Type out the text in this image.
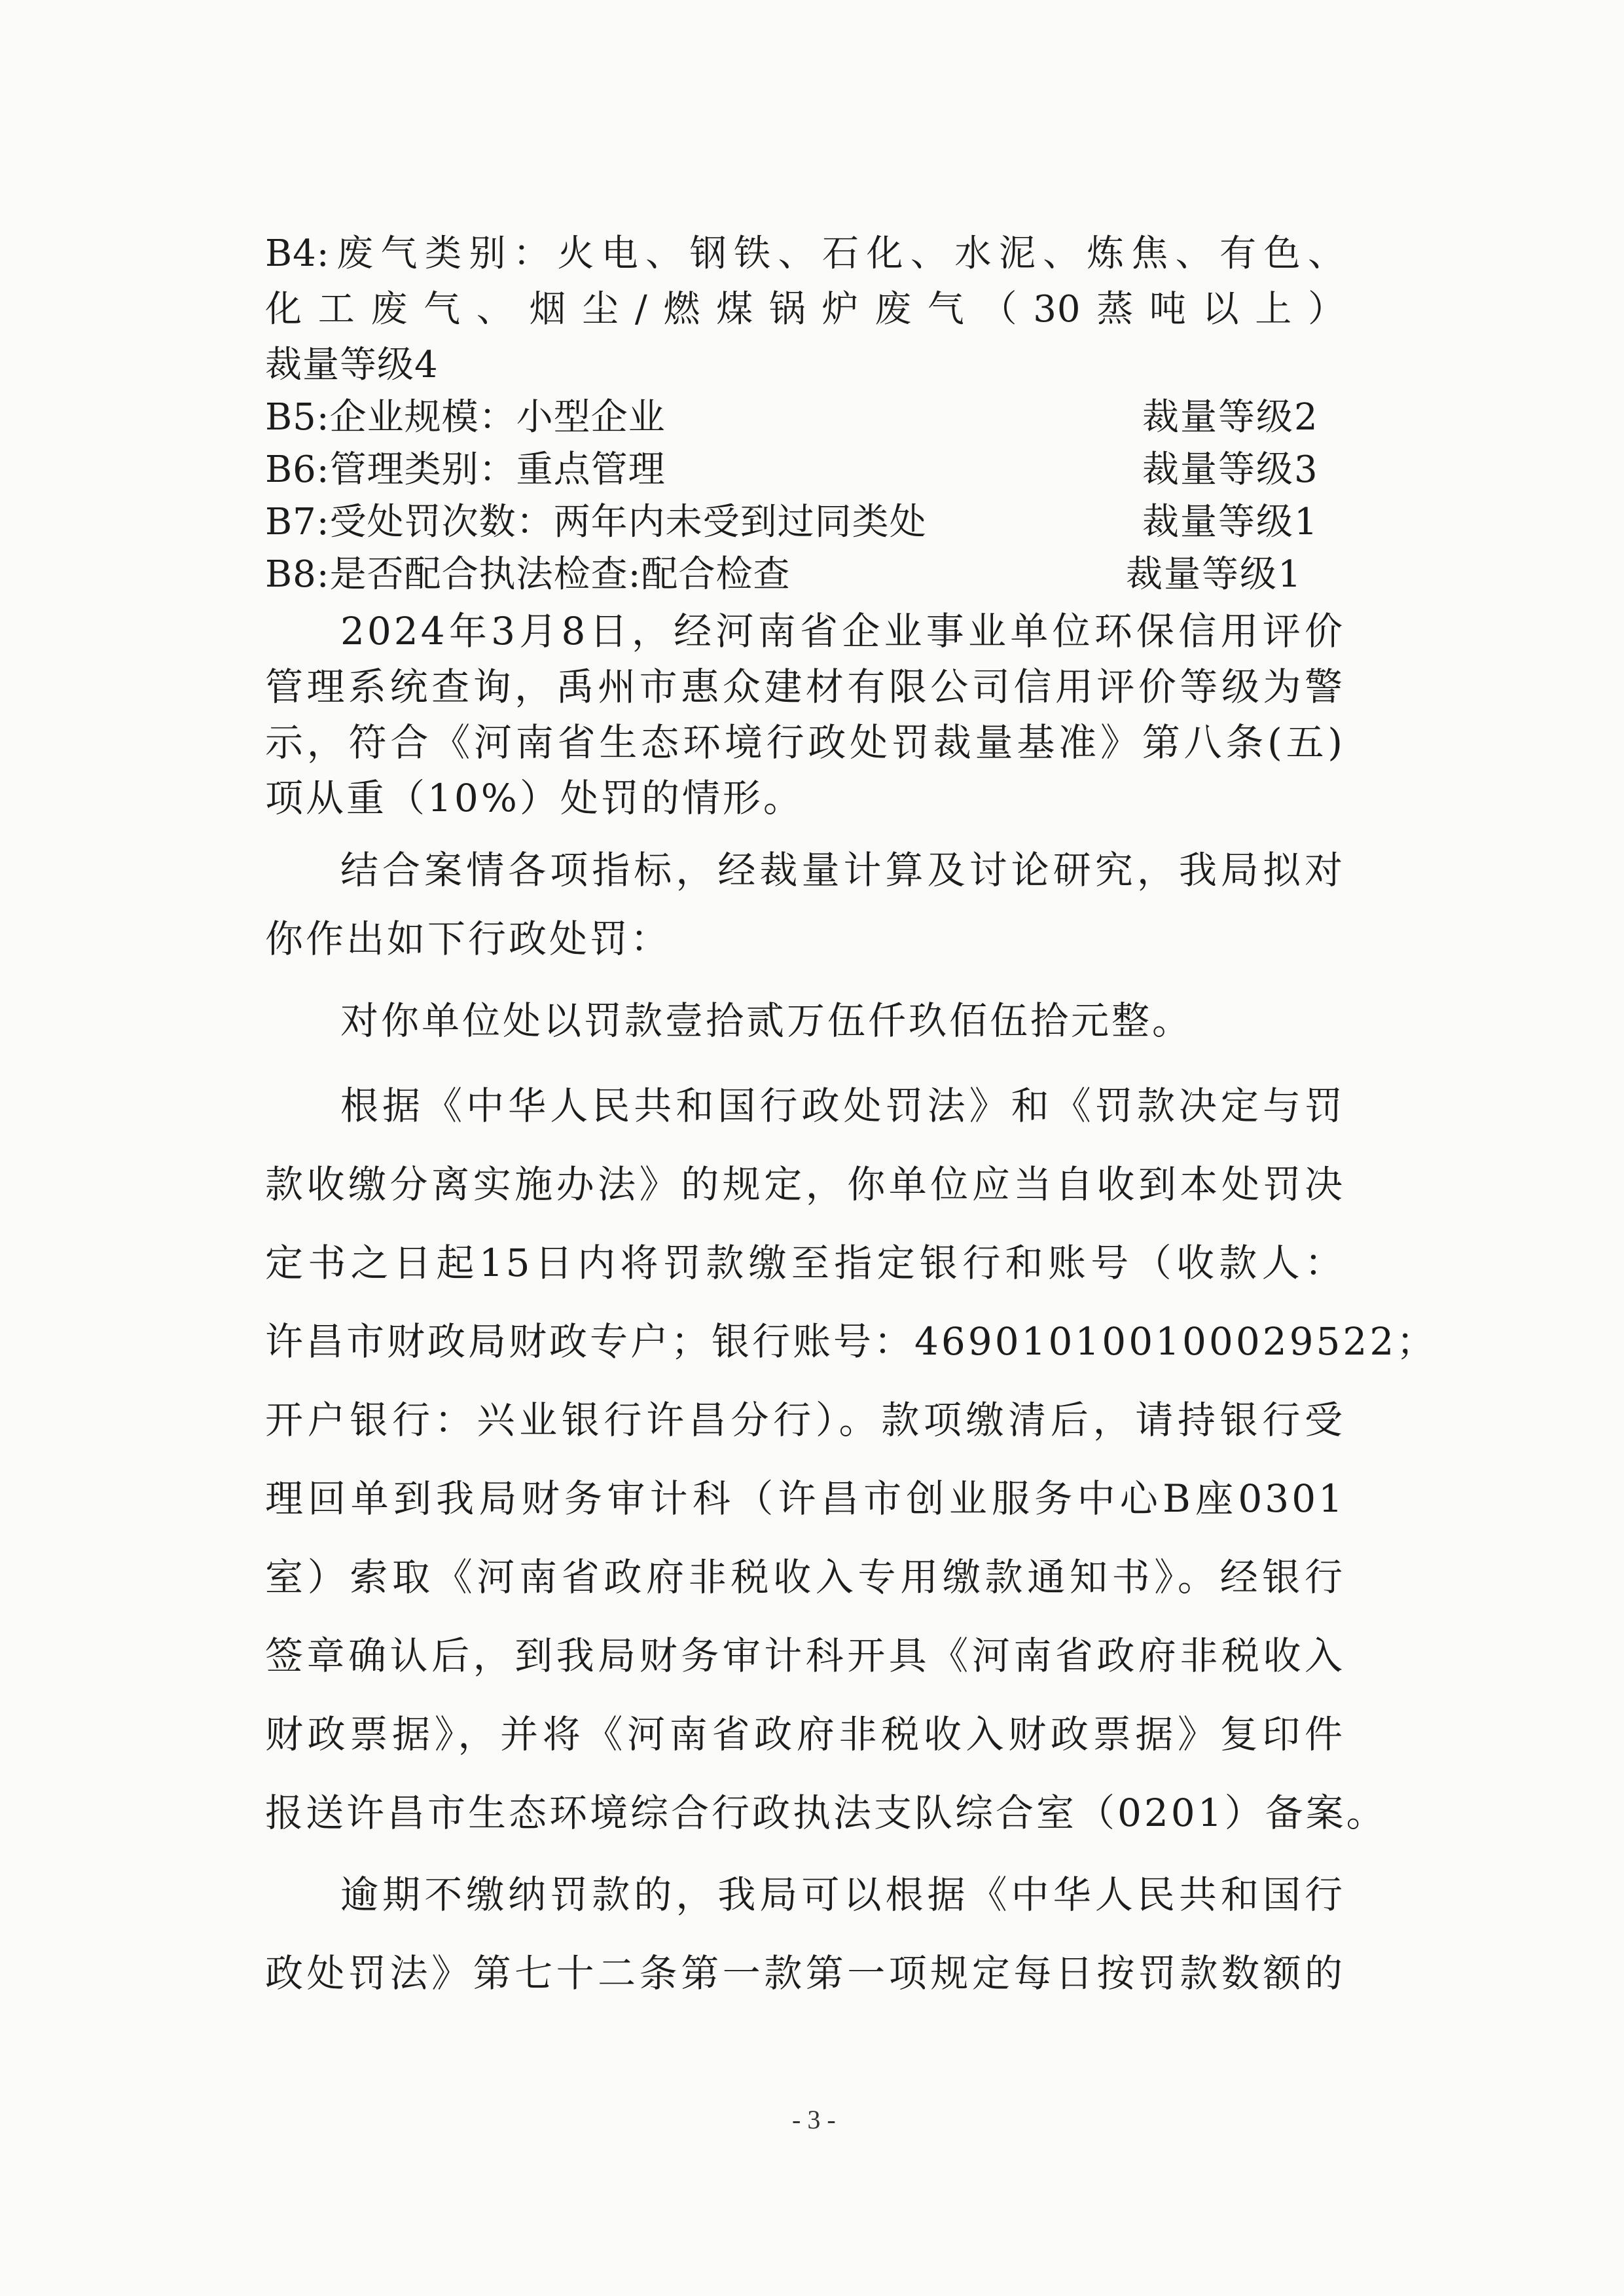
B4:废气类别：火电、钢铁、石化、水泥、炼焦、有色、
化工废气、烟尘/燃煤锅炉废气（30蒸吨以上）
裁量等级4
B5:企业规模：小型企业	裁量等级2
B6:管理类别：重点管理	裁量等级3
B7:受处罚次数：两年内未受到过同类处	裁量等级1
B8:是否配合执法检查:配合检查	裁量等级1
2024年3月8日，经河南省企业事业单位环保信用评价
管理系统查询，禹州市惠众建材有限公司信用评价等级为警
示，符合《河南省生态环境行政处罚裁量基准》第八条(五)
项从重（10%）处罚的情形。
结合案情各项指标，经裁量计算及讨论研究，我局拟对
你作出如下行政处罚：
对你单位处以罚款壹拾贰万伍仟玖佰伍拾元整。
根据《中华人民共和国行政处罚法》和《罚款决定与罚
款收缴分离实施办法》的规定，你单位应当自收到本处罚决
定书之日起15日内将罚款缴至指定银行和账号（收款人：
许昌市财政局财政专户；银行账号：469010100100029522；
开户银行：兴业银行许昌分行）。款项缴清后，请持银行受
理回单到我局财务审计科（许昌市创业服务中心B座0301
室）索取《河南省政府非税收入专用缴款通知书》。经银行
签章确认后，到我局财务审计科开具《河南省政府非税收入
财政票据》，并将《河南省政府非税收入财政票据》复印件
报送许昌市生态环境综合行政执法支队综合室（0201）备案。
逾期不缴纳罚款的，我局可以根据《中华人民共和国行
政处罚法》第七十二条第一款第一项规定每日按罚款数额的
- 3 -
